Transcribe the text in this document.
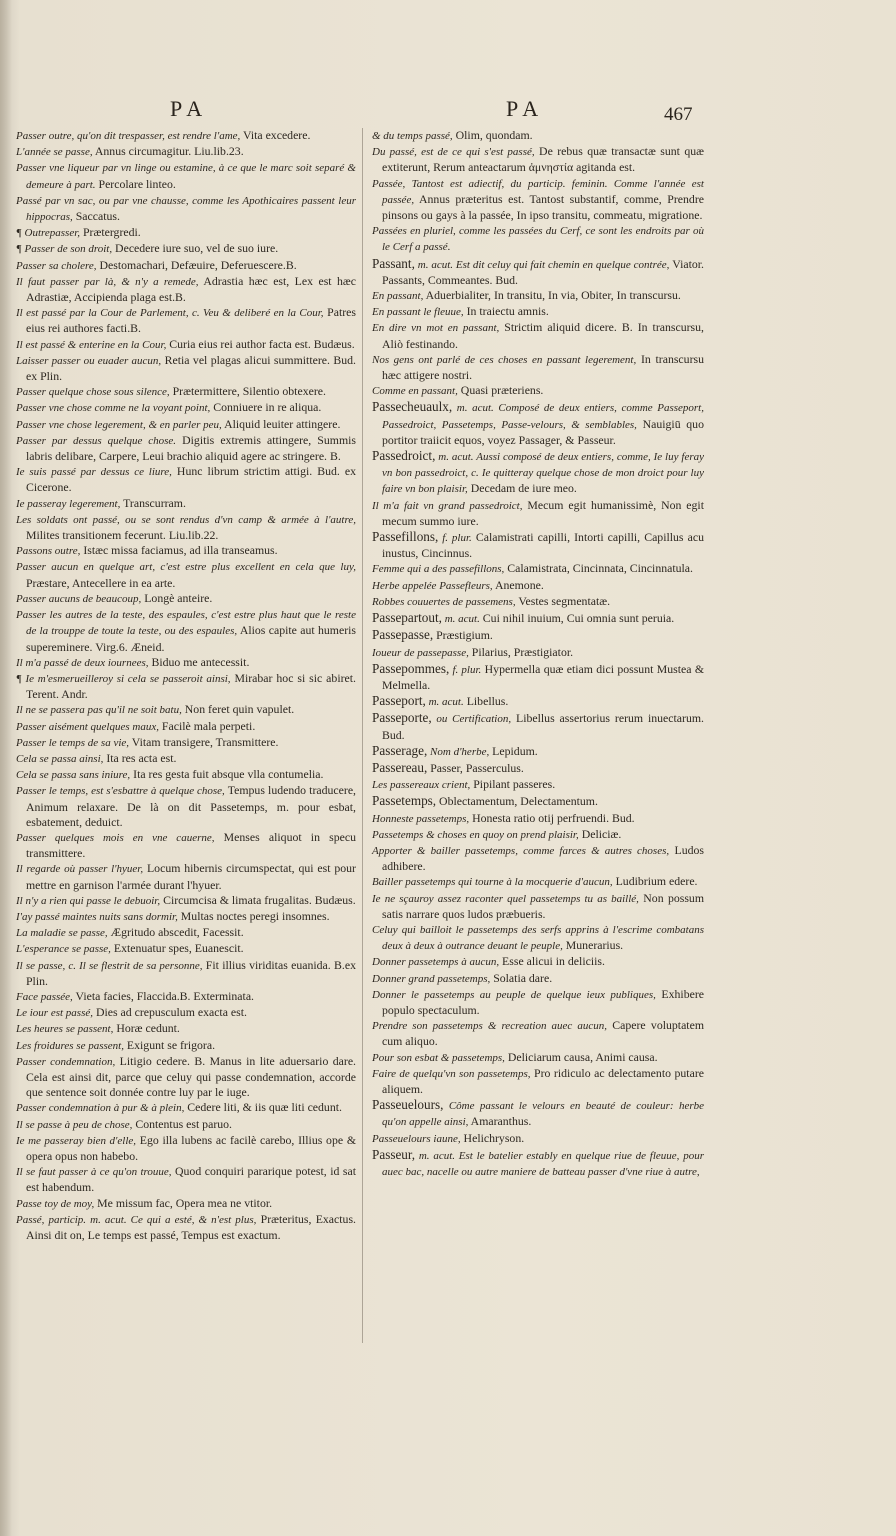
PA	PA	467

Passer outre, qu'on dit trespasser, est rendre l'ame, Vita excedere.

L'année se passe, Annus circumagitur. Liu.lib.23.

Passer vne liqueur par vn linge ou estamine, à ce que le marc soit separé & demeure à part. Percolare linteo.

Passé par vn sac, ou par vne chausse, comme les Apothicaires passent leur hippocras, Saccatus.

¶ Outrepasser, Prætergredi.

¶ Passer de son droit, Decedere iure suo, vel de suo iure.

Passer sa cholere, Destomachari, Defæuire, Deferuescere.B.

Il faut passer par là, & n'y a remede, Adrastia hæc est, Lex est hæc Adrastiæ, Accipienda plaga est.B.

Il est passé par la Cour de Parlement, c. Veu & deliberé en la Cour, Patres eius rei authores facti.B.

Il est passé & enterine en la Cour, Curia eius rei author facta est. Budæus.

Laisser passer ou euader aucun, Retia vel plagas alicui summittere. Bud. ex Plin.

Passer quelque chose sous silence, Prætermittere, Silentio obtexere.

Passer vne chose comme ne la voyant point, Conniuere in re aliqua.

Passer vne chose legerement, & en parler peu, Aliquid leuiter attingere.

Passer par dessus quelque chose. Digitis extremis attingere, Summis labris delibare, Carpere, Leui brachio aliquid agere ac stringere. B.

Ie suis passé par dessus ce liure, Hunc librum strictim attigi. Bud. ex Cicerone.

Ie passeray legerement, Transcurram.

Les soldats ont passé, ou se sont rendus d'vn camp & armée à l'autre, Milites transitionem fecerunt. Liu.lib.22.

Passons outre, Istæc missa faciamus, ad illa transeamus.

Passer aucun en quelque art, c'est estre plus excellent en cela que luy, Præstare, Antecellere in ea arte.

Passer aucuns de beaucoup, Longè anteire.

Passer les autres de la teste, des espaules, c'est estre plus haut que le reste de la trouppe de toute la teste, ou des espaules, Alios capite aut humeris supereminere. Virg.6. Æneid.

Il m'a passé de deux iournees, Biduo me antecessit.

¶ Ie m'esmerueilleroy si cela se passeroit ainsi, Mirabar hoc si sic abiret. Terent. Andr.

Il ne se passera pas qu'il ne soit batu, Non feret quin vapulet.

Passer aisément quelques maux, Facilè mala perpeti.

Passer le temps de sa vie, Vitam transigere, Transmittere.

Cela se passa ainsi, Ita res acta est.

Cela se passa sans iniure, Ita res gesta fuit absque vlla contumelia.

Passer le temps, est s'esbattre à quelque chose, Tempus ludendo traducere, Animum relaxare. De là on dit Passetemps, m. pour esbat, esbatement, deduict.

Passer quelques mois en vne cauerne, Menses aliquot in specu transmittere.

Il regarde où passer l'hyuer, Locum hibernis circumspectat, qui est pour mettre en garnison l'armée durant l'hyuer.

Il n'y a rien qui passe le debuoir, Circumcisa & limata frugalitas. Budæus.

I'ay passé maintes nuits sans dormir, Multas noctes peregi insomnes.

La maladie se passe, Ægritudo abscedit, Facessit.

L'esperance se passe, Extenuatur spes, Euanescit.

Il se passe, c. Il se flestrit de sa personne, Fit illius viriditas euanida. B.ex Plin.

Face passée, Vieta facies, Flaccida.B. Exterminata.

Le iour est passé, Dies ad crepusculum exacta est.

Les heures se passent, Horæ cedunt.

Les froidures se passent, Exigunt se frigora.

Passer condemnation, Litigio cedere. B. Manus in lite aduersario dare. Cela est ainsi dit, parce que celuy qui passe condemnation, accorde que sentence soit donnée contre luy par le iuge.

Passer condemnation à pur & à plein, Cedere liti, & iis quæ liti cedunt.

Il se passe à peu de chose, Contentus est paruo.

Ie me passeray bien d'elle, Ego illa lubens ac facilè carebo, Illius ope & opera opus non habebo.

Il se faut passer à ce qu'on trouue, Quod conquiri pararique potest, id sat est habendum.

Passe toy de moy, Me missum fac, Opera mea ne vtitor.

Passé, particip. m. acut. Ce qui a esté, & n'est plus, Præteritus, Exactus. Ainsi dit on, Le temps est passé, Tempus est exactum.

& du temps passé, Olim, quondam.

Du passé, est de ce qui s'est passé, De rebus quæ transactæ sunt quæ extiterunt, Rerum anteactarum ἀμνηστία agitanda est.

Passée, Tantost est adiectif, du particip. feminin. Comme l'année est passée, Annus præteritus est. Tantost substantif, comme, Prendre pinsons ou gays à la passée, In ipso transitu, commeatu, migratione.

Passées en pluriel, comme les passées du Cerf, ce sont les endroits par où le Cerf a passé.

Passant, m. acut. Est dit celuy qui fait chemin en quelque contrée, Viator. Passants, Commeantes. Bud.

En passant, Aduerbialiter, In transitu, In via, Obiter, In transcursu.

En passant le fleuue, In traiectu amnis.

En dire vn mot en passant, Strictim aliquid dicere. B. In transcursu, Aliò festinando.

Nos gens ont parlé de ces choses en passant legerement, In transcursu hæc attigere nostri.

Comme en passant, Quasi præteriens.

Passecheuaulx, m. acut. Composé de deux entiers, comme Passeport, Passedroict, Passetemps, Passe-velours, & semblables, Nauigiū quo portitor traiicit equos, voyez Passager, & Passeur.

Passedroict, m. acut. Aussi composé de deux entiers, comme, Ie luy feray vn bon passedroict, c. Ie quitteray quelque chose de mon droict pour luy faire vn bon plaisir, Decedam de iure meo.

Il m'a fait vn grand passedroict, Mecum egit humanissimè, Non egit mecum summo iure.

Passefillons, f. plur. Calamistrati capilli, Intorti capilli, Capillus acu inustus, Cincinnus.

Femme qui a des passefillons, Calamistrata, Cincinnata, Cincinnatula.

Herbe appelée Passefleurs, Anemone.

Robbes couuertes de passemens, Vestes segmentatæ.

Passepartout, m. acut. Cui nihil inuium, Cui omnia sunt peruia.

Passepasse, Præstigium.

Ioueur de passepasse, Pilarius, Præstigiator.

Passepommes, f. plur. Hypermella quæ etiam dici possunt Mustea & Melmella.

Passeport, m. acut. Libellus.

Passeporte, ou Certification, Libellus assertorius rerum inuectarum. Bud.

Passerage, Nom d'herbe, Lepidum.

Passereau, Passer, Passerculus.

Les passereaux crient, Pipilant passeres.

Passetemps, Oblectamentum, Delectamentum.

Honneste passetemps, Honesta ratio otij perfruendi. Bud.

Passetemps & choses en quoy on prend plaisir, Deliciæ.

Apporter & bailler passetemps, comme farces & autres choses, Ludos adhibere.

Bailler passetemps qui tourne à la mocquerie d'aucun, Ludibrium edere.

Ie ne sçauroy assez raconter quel passetemps tu as baillé, Non possum satis narrare quos ludos præbueris.

Celuy qui bailloit le passetemps des serfs apprins à l'escrime combatans deux à deux à outrance deuant le peuple, Munerarius.

Donner passetemps à aucun, Esse alicui in deliciis.

Donner grand passetemps, Solatia dare.

Donner le passetemps au peuple de quelque ieux publiques, Exhibere populo spectaculum.

Prendre son passetemps & recreation auec aucun, Capere voluptatem cum aliquo.

Pour son esbat & passetemps, Deliciarum causa, Animi causa.

Faire de quelqu'vn son passetemps, Pro ridiculo ac delectamento putare aliquem.

Passeuelours, Côme passant le velours en beauté de couleur: herbe qu'on appelle ainsi, Amaranthus.

Passeuelours iaune, Helichryson.

Passeur, m. acut. Est le batelier estably en quelque riue de fleuue, pour auec bac, nacelle ou autre maniere de batteau passer d'vne riue à autre,
